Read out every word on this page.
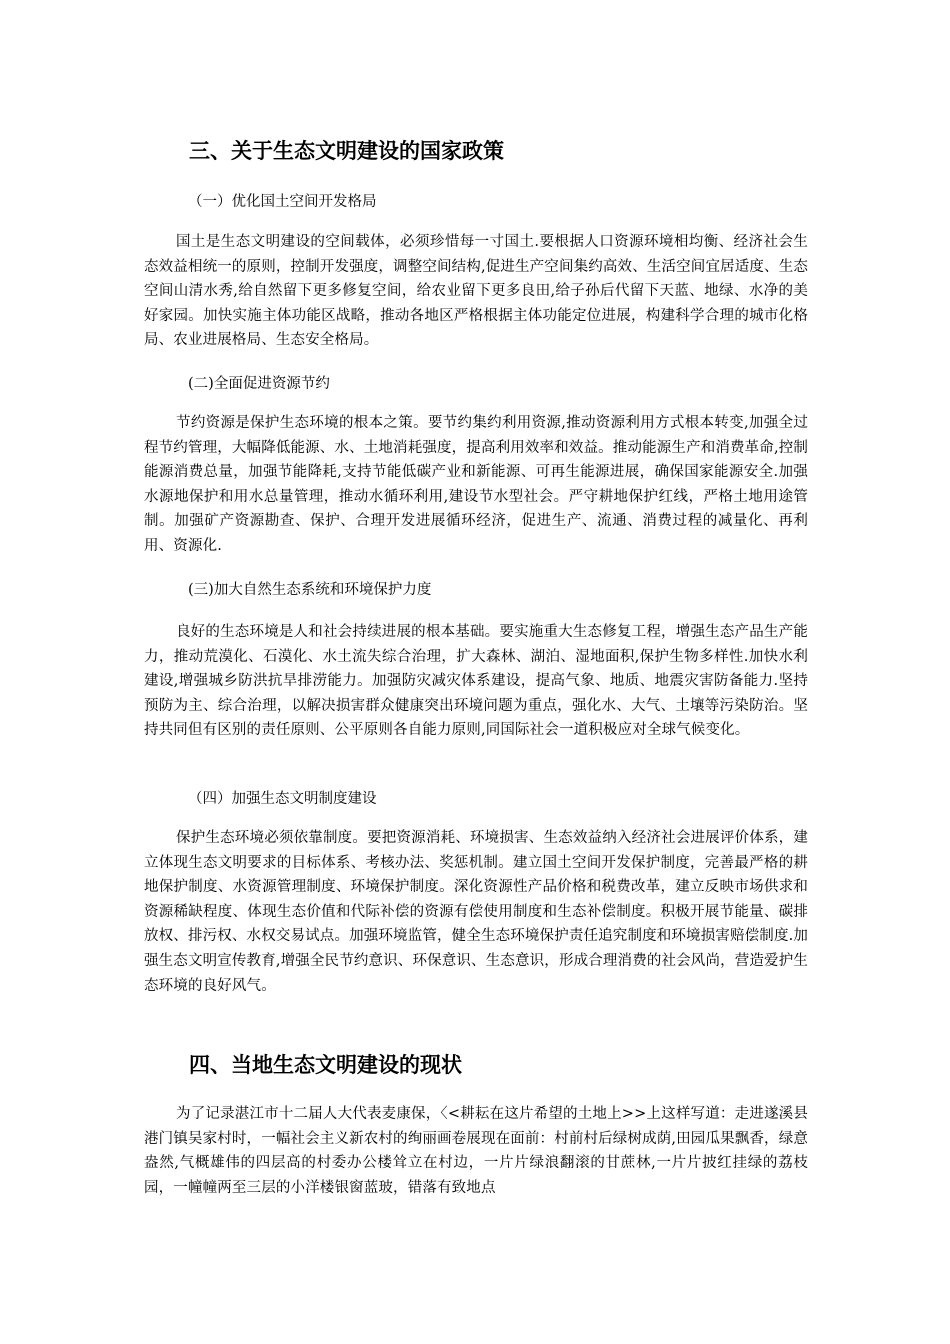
三、关于生态文明建设的国家政策

（一）优化国土空间开发格局

国土是生态文明建设的空间载体，必须珍惜每一寸国土.要根据人口资源环境相均衡、经济社会生态效益相统一的原则，控制开发强度，调整空间结构,促进生产空间集约高效、生活空间宜居适度、生态空间山清水秀,给自然留下更多修复空间，给农业留下更多良田,给子孙后代留下天蓝、地绿、水净的美好家园。加快实施主体功能区战略，推动各地区严格根据主体功能定位进展，构建科学合理的城市化格局、农业进展格局、生态安全格局。

(二)全面促进资源节约

节约资源是保护生态环境的根本之策。要节约集约利用资源,推动资源利用方式根本转变,加强全过程节约管理，大幅降低能源、水、土地消耗强度，提高利用效率和效益。推动能源生产和消费革命,控制能源消费总量，加强节能降耗,支持节能低碳产业和新能源、可再生能源进展，确保国家能源安全.加强水源地保护和用水总量管理，推动水循环利用,建设节水型社会。严守耕地保护红线，严格土地用途管制。加强矿产资源勘查、保护、合理开发进展循环经济，促进生产、流通、消费过程的减量化、再利用、资源化.

(三)加大自然生态系统和环境保护力度

良好的生态环境是人和社会持续进展的根本基础。要实施重大生态修复工程，增强生态产品生产能力，推动荒漠化、石漠化、水土流失综合治理，扩大森林、湖泊、湿地面积,保护生物多样性.加快水利建设,增强城乡防洪抗旱排涝能力。加强防灾减灾体系建设，提高气象、地质、地震灾害防备能力.坚持预防为主、综合治理，以解决损害群众健康突出环境问题为重点，强化水、大气、土壤等污染防治。坚持共同但有区别的责任原则、公平原则各自能力原则,同国际社会一道积极应对全球气候变化。

（四）加强生态文明制度建设

保护生态环境必须依靠制度。要把资源消耗、环境损害、生态效益纳入经济社会进展评价体系，建立体现生态文明要求的目标体系、考核办法、奖惩机制。建立国土空间开发保护制度，完善最严格的耕地保护制度、水资源管理制度、环境保护制度。深化资源性产品价格和税费改革，建立反映市场供求和资源稀缺程度、体现生态价值和代际补偿的资源有偿使用制度和生态补偿制度。积极开展节能量、碳排放权、排污权、水权交易试点。加强环境监管，健全生态环境保护责任追究制度和环境损害赔偿制度.加强生态文明宣传教育,增强全民节约意识、环保意识、生态意识，形成合理消费的社会风尚，营造爱护生态环境的良好风气。

四、当地生态文明建设的现状

为了记录湛江市十二届人大代表麦康保，〈<耕耘在这片希望的土地上>>上这样写道：走进遂溪县港门镇吴家村时，一幅社会主义新农村的绚丽画卷展现在面前：村前村后绿树成荫,田园瓜果飘香，绿意盎然,气概雄伟的四层高的村委办公楼耸立在村边，一片片绿浪翻滚的甘蔗林,一片片披红挂绿的荔枝园，一幢幢两至三层的小洋楼银窗蓝玻，错落有致地点
